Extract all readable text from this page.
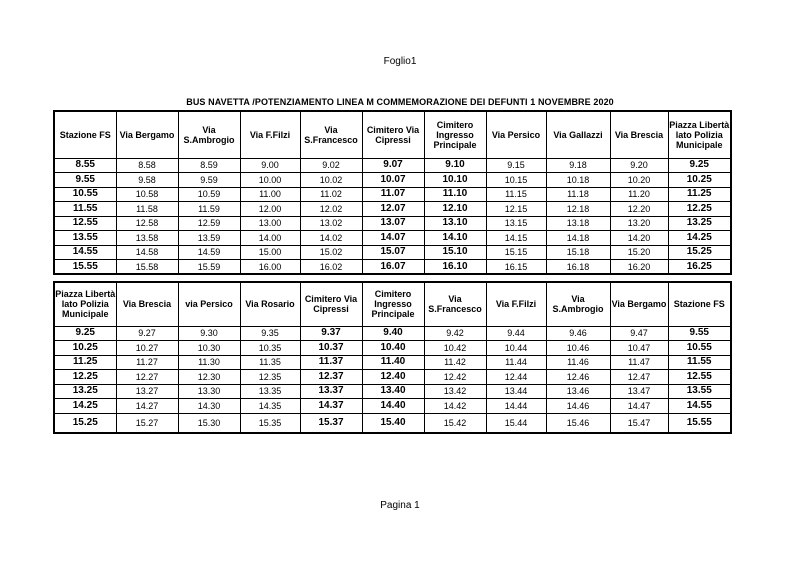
Foglio1
BUS NAVETTA /POTENZIAMENTO LINEA M COMMEMORAZIONE DEI DEFUNTI 1 NOVEMBRE 2020
Stazione FS	Via Bergamo	Via S.Ambrogio	Via F.Filzi	Via S.Francesco	Cimitero Via Cipressi	Cimitero Ingresso Principale	Via Persico	Via Gallazzi	Via Brescia	Piazza Libertà lato Polizia Municipale
8.55	8.58	8.59	9.00	9.02	9.07	9.10	9.15	9.18	9.20	9.25
9.55	9.58	9.59	10.00	10.02	10.07	10.10	10.15	10.18	10.20	10.25
10.55	10.58	10.59	11.00	11.02	11.07	11.10	11.15	11.18	11.20	11.25
11.55	11.58	11.59	12.00	12.02	12.07	12.10	12.15	12.18	12.20	12.25
12.55	12.58	12.59	13.00	13.02	13.07	13.10	13.15	13.18	13.20	13.25
13.55	13.58	13.59	14.00	14.02	14.07	14.10	14.15	14.18	14.20	14.25
14.55	14.58	14.59	15.00	15.02	15.07	15.10	15.15	15.18	15.20	15.25
15.55	15.58	15.59	16.00	16.02	16.07	16.10	16.15	16.18	16.20	16.25
Piazza Libertà lato Polizia Municipale	Via Brescia	via Persico	Via Rosario	Cimitero Via Cipressi	Cimitero Ingresso Principale	Via S.Francesco	Via F.Filzi	Via S.Ambrogio	Via Bergamo	Stazione FS
9.25	9.27	9.30	9.35	9.37	9.40	9.42	9.44	9.46	9.47	9.55
10.25	10.27	10.30	10.35	10.37	10.40	10.42	10.44	10.46	10.47	10.55
11.25	11.27	11.30	11.35	11.37	11.40	11.42	11.44	11.46	11.47	11.55
12.25	12.27	12.30	12.35	12.37	12.40	12.42	12.44	12.46	12.47	12.55
13.25	13.27	13.30	13.35	13.37	13.40	13.42	13.44	13.46	13.47	13.55
14.25	14.27	14.30	14.35	14.37	14.40	14.42	14.44	14.46	14.47	14.55
15.25	15.27	15.30	15.35	15.37	15.40	15.42	15.44	15.46	15.47	15.55
Pagina 1
